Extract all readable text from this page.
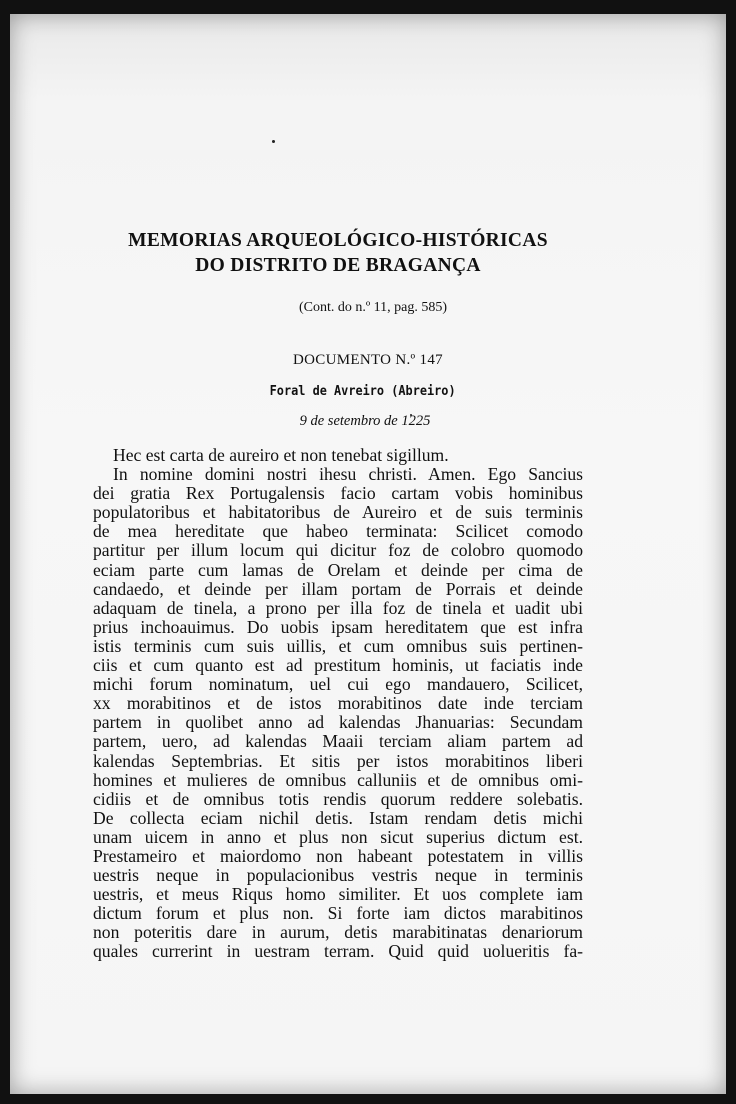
MEMORIAS ARQUEOLÓGICO-HISTÓRICAS
DO DISTRITO DE BRAGANÇA
(Cont. do n.º 11, pag. 585)
DOCUMENTO N.º 147
Foral de Avreiro (Abreiro)
9 de setembro de 1225
Hec est carta de aureiro et non tenebat sigillum.
In nomine domini nostri ihesu christi. Amen. Ego Sancius
dei gratia Rex Portugalensis facio cartam vobis hominibus
populatoribus et habitatoribus de Aureiro et de suis terminis
de mea hereditate que habeo terminata: Scilicet comodo
partitur per illum locum qui dicitur foz de colobro quomodo
eciam parte cum lamas de Orelam et deinde per cima de
candaedo, et deinde per illam portam de Porrais et deinde
adaquam de tinela, a prono per illa foz de tinela et uadit ubi
prius inchoauimus. Do uobis ipsam hereditatem que est infra
istis terminis cum suis uillis, et cum omnibus suis pertinen-
ciis et cum quanto est ad prestitum hominis, ut faciatis inde
michi forum nominatum, uel cui ego mandauero, Scilicet,
xx morabitinos et de istos morabitinos date inde terciam
partem in quolibet anno ad kalendas Jhanuarias: Secundam
partem, uero, ad kalendas Maaii terciam aliam partem ad
kalendas Septembrias. Et sitis per istos morabitinos liberi
homines et mulieres de omnibus calluniis et de omnibus omi-
cidiis et de omnibus totis rendis quorum reddere solebatis.
De collecta eciam nichil detis. Istam rendam detis michi
unam uicem in anno et plus non sicut superius dictum est.
Prestameiro et maiordomo non habeant potestatem in villis
uestris neque in populacionibus vestris neque in terminis
uestris, et meus Riqus homo similiter. Et uos complete iam
dictum forum et plus non. Si forte iam dictos marabitinos
non poteritis dare in aurum, detis marabitinatas denariorum
quales currerint in uestram terram. Quid quid uolueritis fa-
